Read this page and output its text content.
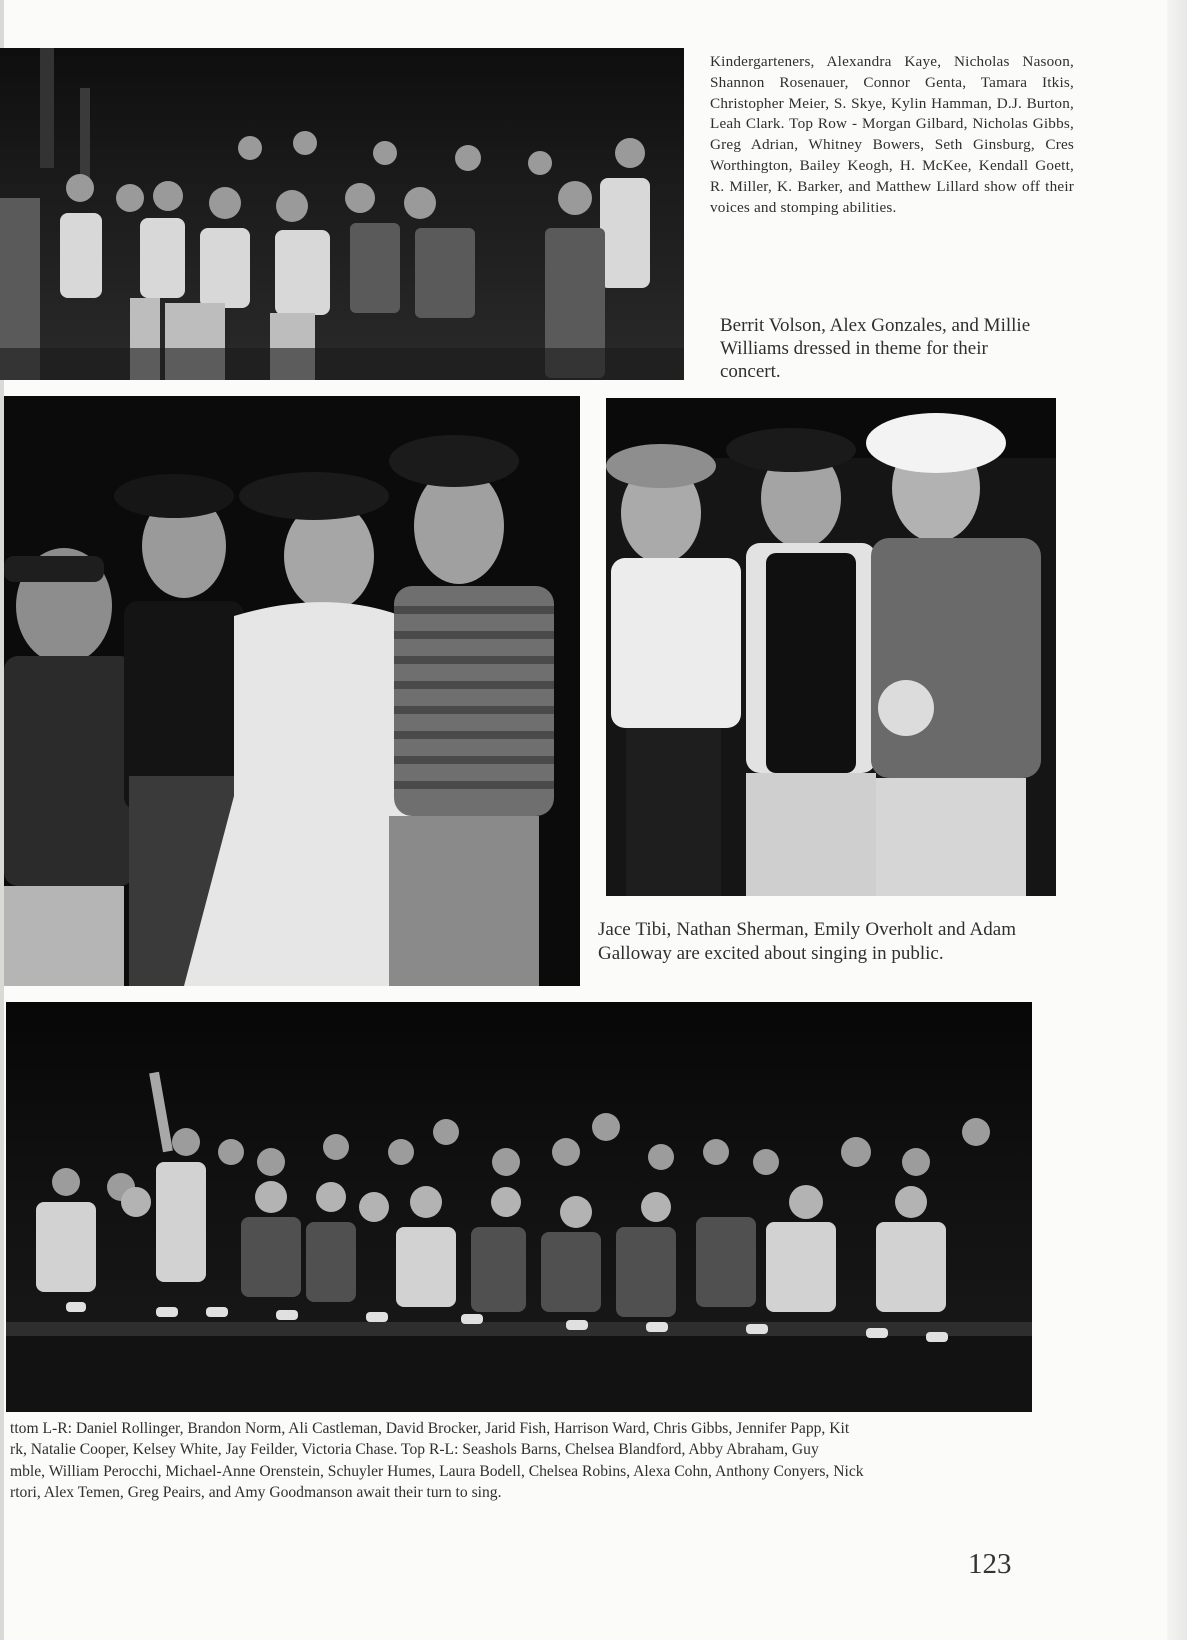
Kindergarteners, Alexandra Kaye, Nicholas Nasoon, Shannon Rosenauer, Connor Genta, Tamara Itkis, Christopher Meier, S. Skye, Kylin Hamman, D.J. Burton, Leah Clark. Top Row - Morgan Gilbard, Nicholas Gibbs, Greg Adrian, Whitney Bowers, Seth Ginsburg, Cres Worthington, Bailey Keogh, H. McKee, Kendall Goett, R. Miller, K. Barker, and Matthew Lillard show off their voices and stomping abilities.
Berrit Volson, Alex Gonzales, and Millie Williams dressed in theme for their concert.
Jace Tibi, Nathan Sherman, Emily Overholt and Adam Galloway are excited about singing in public.
ttom L-R: Daniel Rollinger, Brandon Norm, Ali Castleman, David Brocker, Jarid Fish, Harrison Ward, Chris Gibbs, Jennifer Papp, Kit
rk, Natalie Cooper, Kelsey White, Jay Feilder, Victoria Chase. Top R-L: Seashols Barns, Chelsea Blandford, Abby Abraham, Guy
mble, William Perocchi, Michael-Anne Orenstein, Schuyler Humes, Laura Bodell, Chelsea Robins, Alexa Cohn, Anthony Conyers, Nick
rtori, Alex Temen, Greg Peairs, and Amy Goodmanson await their turn to sing.
123
